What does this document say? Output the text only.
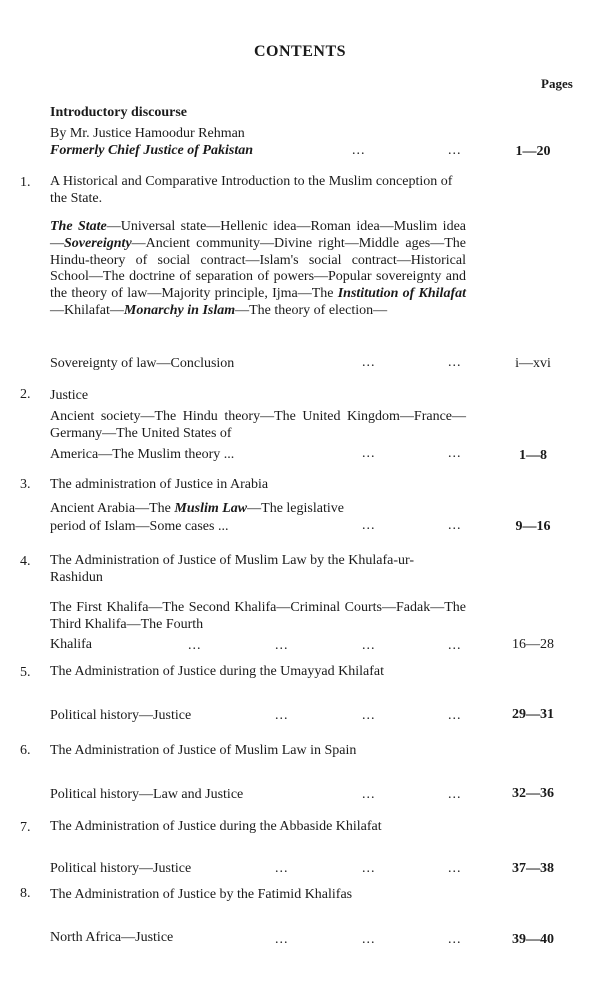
CONTENTS
Pages
Introductory discourse
By Mr. Justice Hamoodur Rehman
Formerly Chief Justice of Pakistan	...	...	1—20
1. A Historical and Comparative Introduction to the Muslim conception of the State.
The State—Universal state—Hellenic idea—Roman idea—Muslim idea—Sovereignty—Ancient community—Divine right—Middle ages—The Hindu-theory of social contract—Islam's social contract—Historical School—The doctrine of separation of powers—Popular sovereignty and the theory of law—Majority principle, Ijma—The Institution of Khilafat—Khilafat—Monarchy in Islam—The theory of election—
Sovereignty of law—Conclusion	...	...	i—xvi
2. Justice
Ancient society—The Hindu theory—The United Kingdom—France—Germany—The United States of
America—The Muslim theory ...	...	...	1—8
3. The administration of Justice in Arabia
Ancient Arabia—The Muslim Law—The legislative
period of Islam—Some cases ...	...	...	9—16
4. The Administration of Justice of Muslim Law by the Khulafa-ur-Rashidun
The First Khalifa—The Second Khalifa—Criminal Courts—Fadak—The Third Khalifa—The Fourth
Khalifa	...	...	...	...	16—28
5. The Administration of Justice during the Umayyad Khilafat
Political history—Justice	...	...	...	29—31
6. The Administration of Justice of Muslim Law in Spain
Political history—Law and Justice	...	...	32—36
7. The Administration of Justice during the Abbaside Khilafat
Political history—Justice	...	...	...	37—38
8. The Administration of Justice by the Fatimid Khalifas
North Africa—Justice	...	...	...	39—40
